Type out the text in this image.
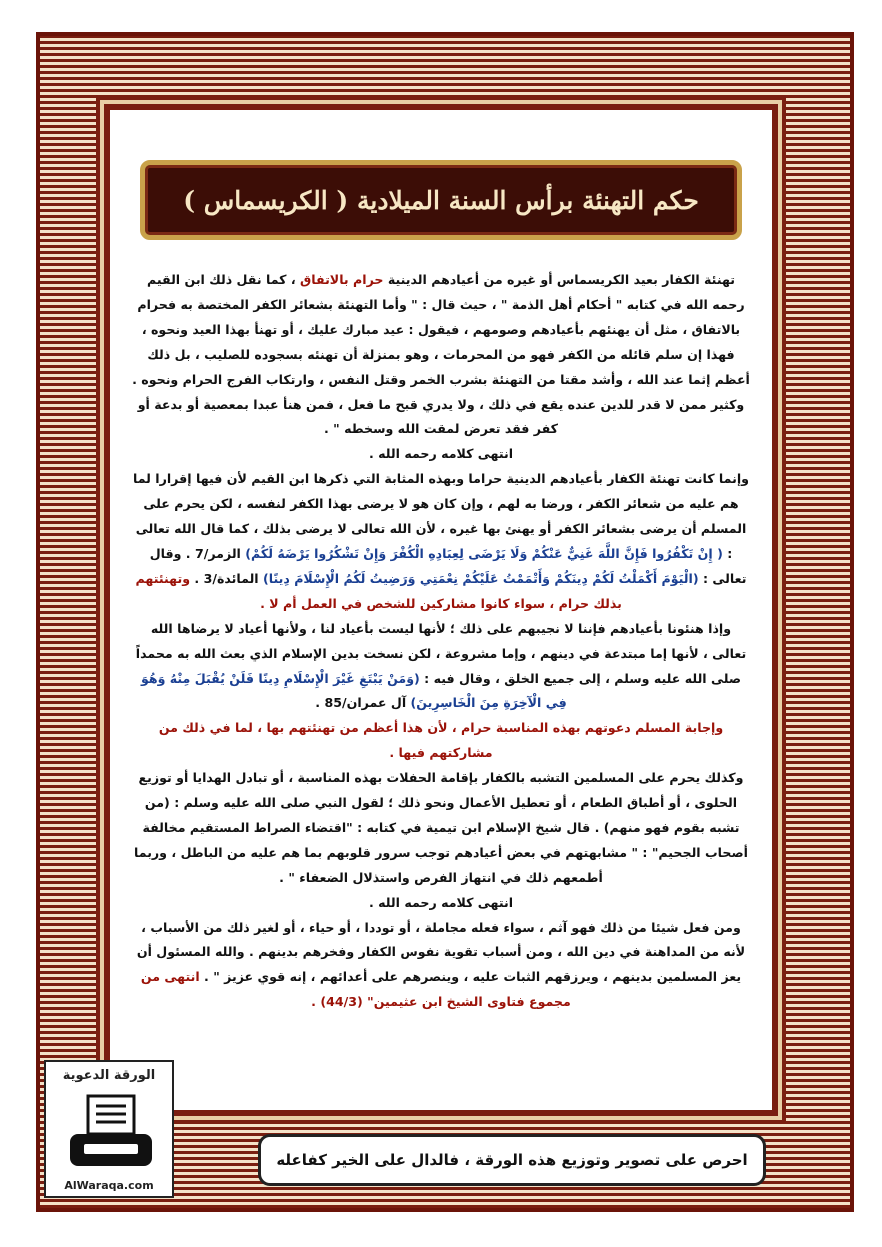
حكم التهنئة برأس السنة الميلادية ( الكريسماس )

تهنئة الكفار بعيد الكريسماس أو غيره من أعيادهم الدينية حرام بالاتفاق ، كما نقل ذلك ابن القيم رحمه الله في كتابه " أحكام أهل الذمة " ، حيث قال : " وأما التهنئة بشعائر الكفر المختصة به فحرام بالاتفاق ، مثل أن يهنئهم بأعيادهم وصومهم ، فيقول : عيد مبارك عليك ، أو تهنأ بهذا العيد ونحوه ، فهذا إن سلم قائله من الكفر فهو من المحرمات ، وهو بمنزلة أن تهنئه بسجوده للصليب ، بل ذلك أعظم إثما عند الله ، وأشد مقتا من التهنئة بشرب الخمر وقتل النفس ، وارتكاب الفرج الحرام ونحوه . وكثير ممن لا قدر للدين عنده يقع في ذلك ، ولا يدري قبح ما فعل ، فمن هنأ عبدا بمعصية أو بدعة أو كفر فقد تعرض لمقت الله وسخطه " .

انتهى كلامه رحمه الله .

وإنما كانت تهنئة الكفار بأعيادهم الدينية حراما وبهذه المثابة التي ذكرها ابن القيم لأن فيها إقرارا لما هم عليه من شعائر الكفر ، ورضا به لهم ، وإن كان هو لا يرضى بهذا الكفر لنفسه ، لكن يحرم على المسلم أن يرضى بشعائر الكفر أو يهنئ بها غيره ، لأن الله تعالى لا يرضى بذلك ، كما قال الله تعالى : ( إِنْ تَكْفُرُوا فَإِنَّ اللَّهَ غَنِيٌّ عَنْكُمْ وَلَا يَرْضَى لِعِبَادِهِ الْكُفْرَ وَإِنْ تَشْكُرُوا يَرْضَهُ لَكُمْ) الزمر/7 . وقال تعالى : (الْيَوْمَ أَكْمَلْتُ لَكُمْ دِينَكُمْ وَأَتْمَمْتُ عَلَيْكُمْ نِعْمَتِي وَرَضِيتُ لَكُمُ الْإِسْلَامَ دِينًا) المائدة/3 . وتهنئتهم بذلك حرام ، سواء كانوا مشاركين للشخص في العمل أم لا .

وإذا هنئونا بأعيادهم فإننا لا نجيبهم على ذلك ؛ لأنها ليست بأعياد لنا ، ولأنها أعياد لا يرضاها الله تعالى ، لأنها إما مبتدعة في دينهم ، وإما مشروعة ، لكن نسخت بدين الإسلام الذي بعث الله به محمداً صلى الله عليه وسلم ، إلى جميع الخلق ، وقال فيه : (وَمَنْ يَبْتَغِ غَيْرَ الْإِسْلَامِ دِينًا فَلَنْ يُقْبَلَ مِنْهُ وَهُوَ فِي الْآخِرَةِ مِنَ الْخَاسِرِينَ) آل عمران/85 .

وإجابة المسلم دعوتهم بهذه المناسبة حرام ، لأن هذا أعظم من تهنئتهم بها ، لما في ذلك من مشاركتهم فيها .

وكذلك يحرم على المسلمين التشبه بالكفار بإقامة الحفلات بهذه المناسبة ، أو تبادل الهدايا أو توزيع الحلوى ، أو أطباق الطعام ، أو تعطيل الأعمال ونحو ذلك ؛ لقول النبي صلى الله عليه وسلم : (من تشبه بقوم فهو منهم) . قال شيخ الإسلام ابن تيمية في كتابه : "اقتضاء الصراط المستقيم مخالفة أصحاب الجحيم" : " مشابهتهم في بعض أعيادهم توجب سرور قلوبهم بما هم عليه من الباطل ، وربما أطمعهم ذلك في انتهاز الفرص واستذلال الضعفاء " .

انتهى كلامه رحمه الله .

ومن فعل شيئا من ذلك فهو آثم ، سواء فعله مجاملة ، أو توددا ، أو حياء ، أو لغير ذلك من الأسباب ، لأنه من المداهنة في دين الله ، ومن أسباب تقوية نفوس الكفار وفخرهم بدينهم . والله المسئول أن يعز المسلمين بدينهم ، ويرزقهم الثبات عليه ، وينصرهم على أعدائهم ، إنه قوي عزيز " . انتهى من مجموع فتاوى الشيخ ابن عثيمين" (44/3) .

الورقة الدعوية
AlWaraqa.com
احرص على تصوير وتوزيع هذه الورقة ، فالدال على الخير كفاعله
